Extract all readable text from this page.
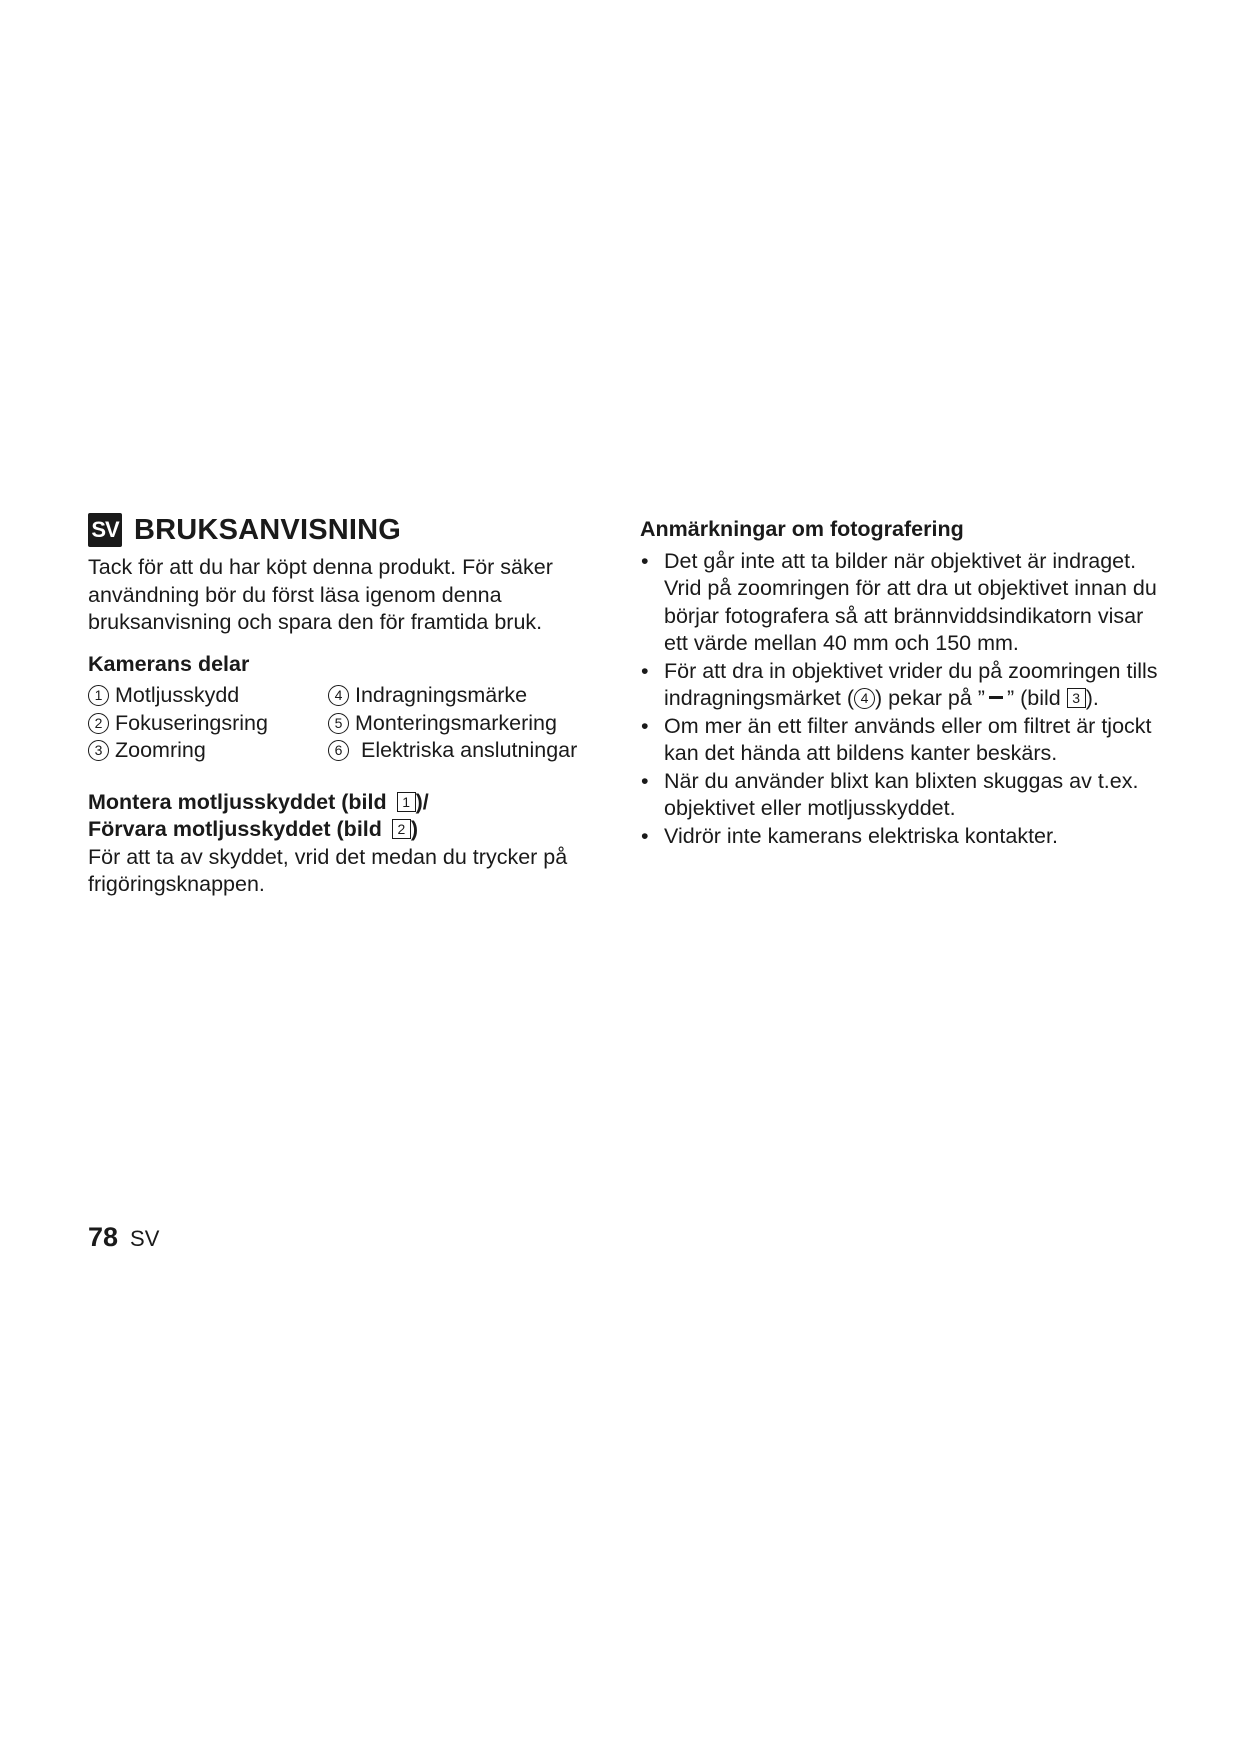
SV BRUKSANVISNING

Tack för att du har köpt denna produkt. För säker användning bör du först läsa igenom denna bruksanvisning och spara den för framtida bruk.

Kamerans delar

1 Motljusskydd	4 Indragningsmärke
2 Fokuseringsring	5 Monteringsmarkering
3 Zoomring	6 Elektriska anslutningar

Montera motljusskyddet (bild 1 )/

Förvara motljusskyddet (bild 2 )

För att ta av skyddet, vrid det medan du trycker på frigöringsknappen.

Anmärkningar om fotografering

• Det går inte att ta bilder när objektivet är indraget. Vrid på zoomringen för att dra ut objektivet innan du börjar fotografera så att brännviddsindikatorn visar ett värde mellan 40 mm och 150 mm.
• För att dra in objektivet vrider du på zoomringen tills indragningsmärket ( 4 ) pekar på ” ” (bild 3 ).
• Om mer än ett filter används eller om filtret är tjockt kan det hända att bildens kanter beskärs.
• När du använder blixt kan blixten skuggas av t.ex. objektivet eller motljusskyddet.
• Vidrör inte kamerans elektriska kontakter.
78 SV
